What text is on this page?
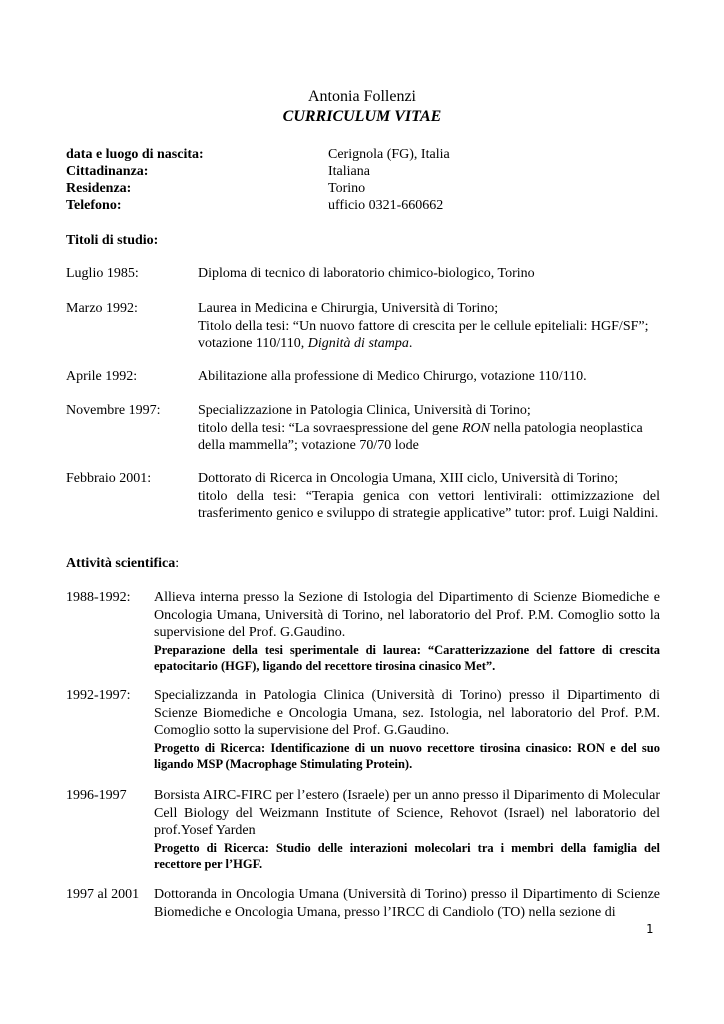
Antonia Follenzi
CURRICULUM VITAE
data e luogo di nascita:	Cerignola (FG), Italia
Cittadinanza:	Italiana
Residenza:	Torino
Telefono:	ufficio 0321-660662
Titoli di studio:
Luglio 1985:	Diploma di tecnico di laboratorio chimico-biologico, Torino
Marzo 1992:	Laurea in Medicina e Chirurgia, Università di Torino;
Titolo della tesi: “Un nuovo fattore di crescita per le cellule epiteliali: HGF/SF”;
votazione 110/110, Dignità di stampa.
Aprile 1992:	Abilitazione alla professione di Medico Chirurgo, votazione 110/110.
Novembre 1997:	Specializzazione in Patologia Clinica, Università di Torino;
titolo della tesi: “La sovraespressione del gene RON nella patologia neoplastica della mammella”; votazione 70/70 lode
Febbraio 2001:	Dottorato di Ricerca in Oncologia Umana, XIII ciclo, Università di Torino;
titolo della tesi: “Terapia genica con vettori lentivirali: ottimizzazione del trasferimento genico e sviluppo di strategie applicative” tutor: prof. Luigi Naldini.
Attività scientifica:
1988-1992: Allieva interna presso la Sezione di Istologia del Dipartimento di Scienze Biomediche e Oncologia Umana, Università di Torino, nel laboratorio del Prof. P.M. Comoglio sotto la supervisione del Prof. G.Gaudino.
Preparazione della tesi sperimentale di laurea: “Caratterizzazione del fattore di crescita epatocitario (HGF), ligando del recettore tirosina cinasico Met”.
1992-1997: Specializzanda in Patologia Clinica (Università di Torino) presso il Dipartimento di Scienze Biomediche e Oncologia Umana, sez. Istologia, nel laboratorio del Prof. P.M. Comoglio sotto la supervisione del Prof. G.Gaudino.
Progetto di Ricerca: Identificazione di un nuovo recettore tirosina cinasico: RON e del suo ligando MSP (Macrophage Stimulating Protein).
1996-1997 Borsista AIRC-FIRC per l’estero (Israele) per un anno presso il Diparimento di Molecular Cell Biology del Weizmann Institute of Science, Rehovot (Israel) nel laboratorio del prof.Yosef Yarden
Progetto di Ricerca: Studio delle interazioni molecolari tra i membri della famiglia del recettore per l’HGF.
1997 al 2001 Dottoranda in Oncologia Umana (Università di Torino) presso il Dipartimento di Scienze Biomediche e Oncologia Umana, presso l’IRCC di Candiolo (TO) nella sezione di
1
